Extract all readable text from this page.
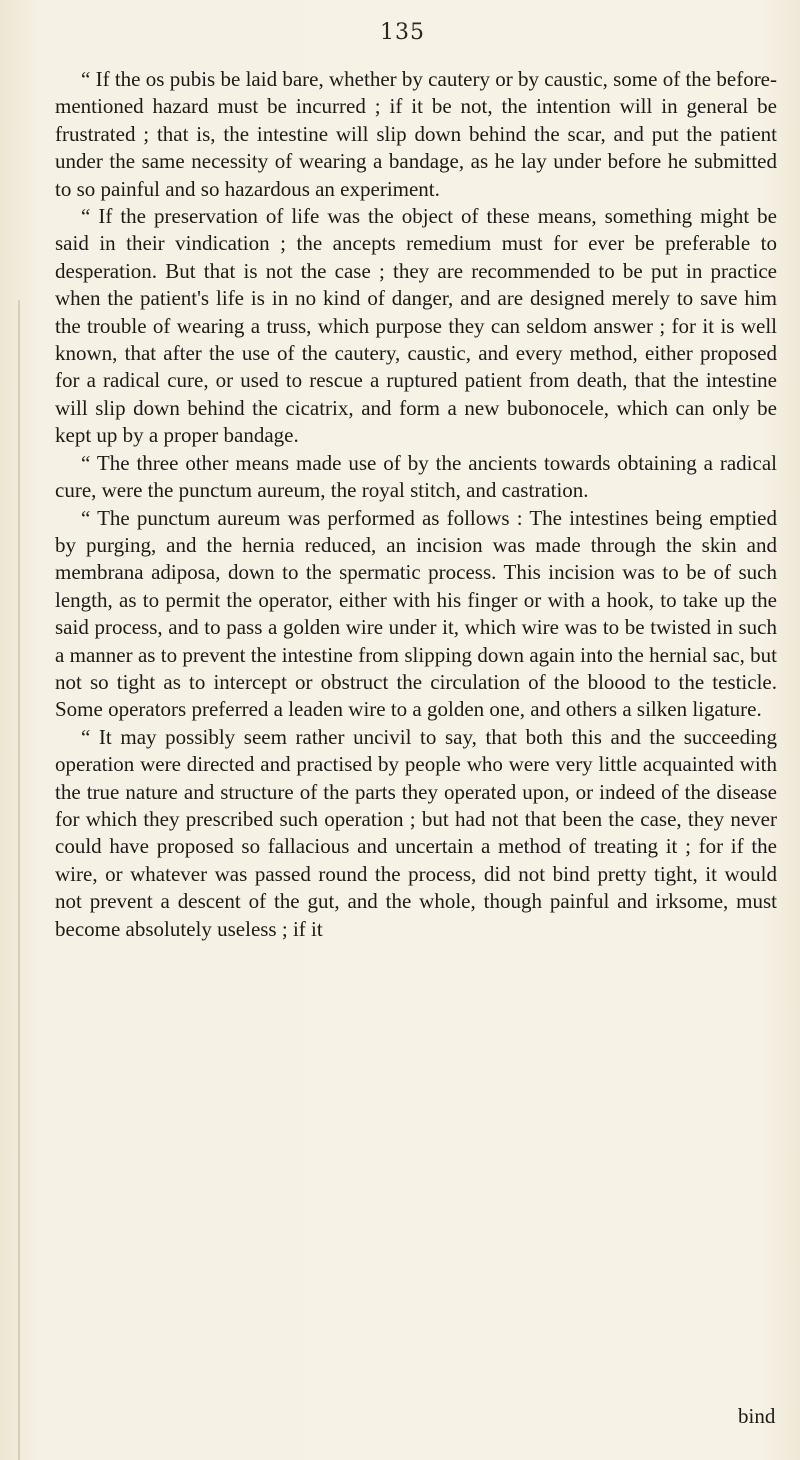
135

“ If the os pubis be laid bare, whether by cautery or by caustic, some of the before-mentioned hazard must be incurred ; if it be not, the intention will in general be frustrated ; that is, the intestine will slip down behind the scar, and put the patient under the same necessity of wearing a bandage, as he lay under before he submitted to so painful and so hazardous an experiment.

“ If the preservation of life was the object of these means, something might be said in their vindication ; the ancepts remedium must for ever be preferable to desperation. But that is not the case ; they are recommended to be put in practice when the patient's life is in no kind of danger, and are designed merely to save him the trouble of wearing a truss, which purpose they can seldom answer ; for it is well known, that after the use of the cautery, caustic, and every method, either proposed for a radical cure, or used to rescue a ruptured patient from death, that the intestine will slip down behind the cicatrix, and form a new bubonocele, which can only be kept up by a proper bandage.

“ The three other means made use of by the ancients towards obtaining a radical cure, were the punctum aureum, the royal stitch, and castration.

“ The punctum aureum was performed as follows : The intestines being emptied by purging, and the hernia reduced, an incision was made through the skin and membrana adiposa, down to the spermatic process. This incision was to be of such length, as to permit the operator, either with his finger or with a hook, to take up the said process, and to pass a golden wire under it, which wire was to be twisted in such a manner as to prevent the intestine from slipping down again into the hernial sac, but not so tight as to intercept or obstruct the circulation of the bloood to the testicle. Some operators preferred a leaden wire to a golden one, and others a silken ligature.

“ It may possibly seem rather uncivil to say, that both this and the succeeding operation were directed and practised by people who were very little acquainted with the true nature and structure of the parts they operated upon, or indeed of the disease for which they prescribed such operation ; but had not that been the case, they never could have proposed so fallacious and uncertain a method of treating it ; for if the wire, or whatever was passed round the process, did not bind pretty tight, it would not prevent a descent of the gut, and the whole, though painful and irksome, must become absolutely useless ; if it

bind
